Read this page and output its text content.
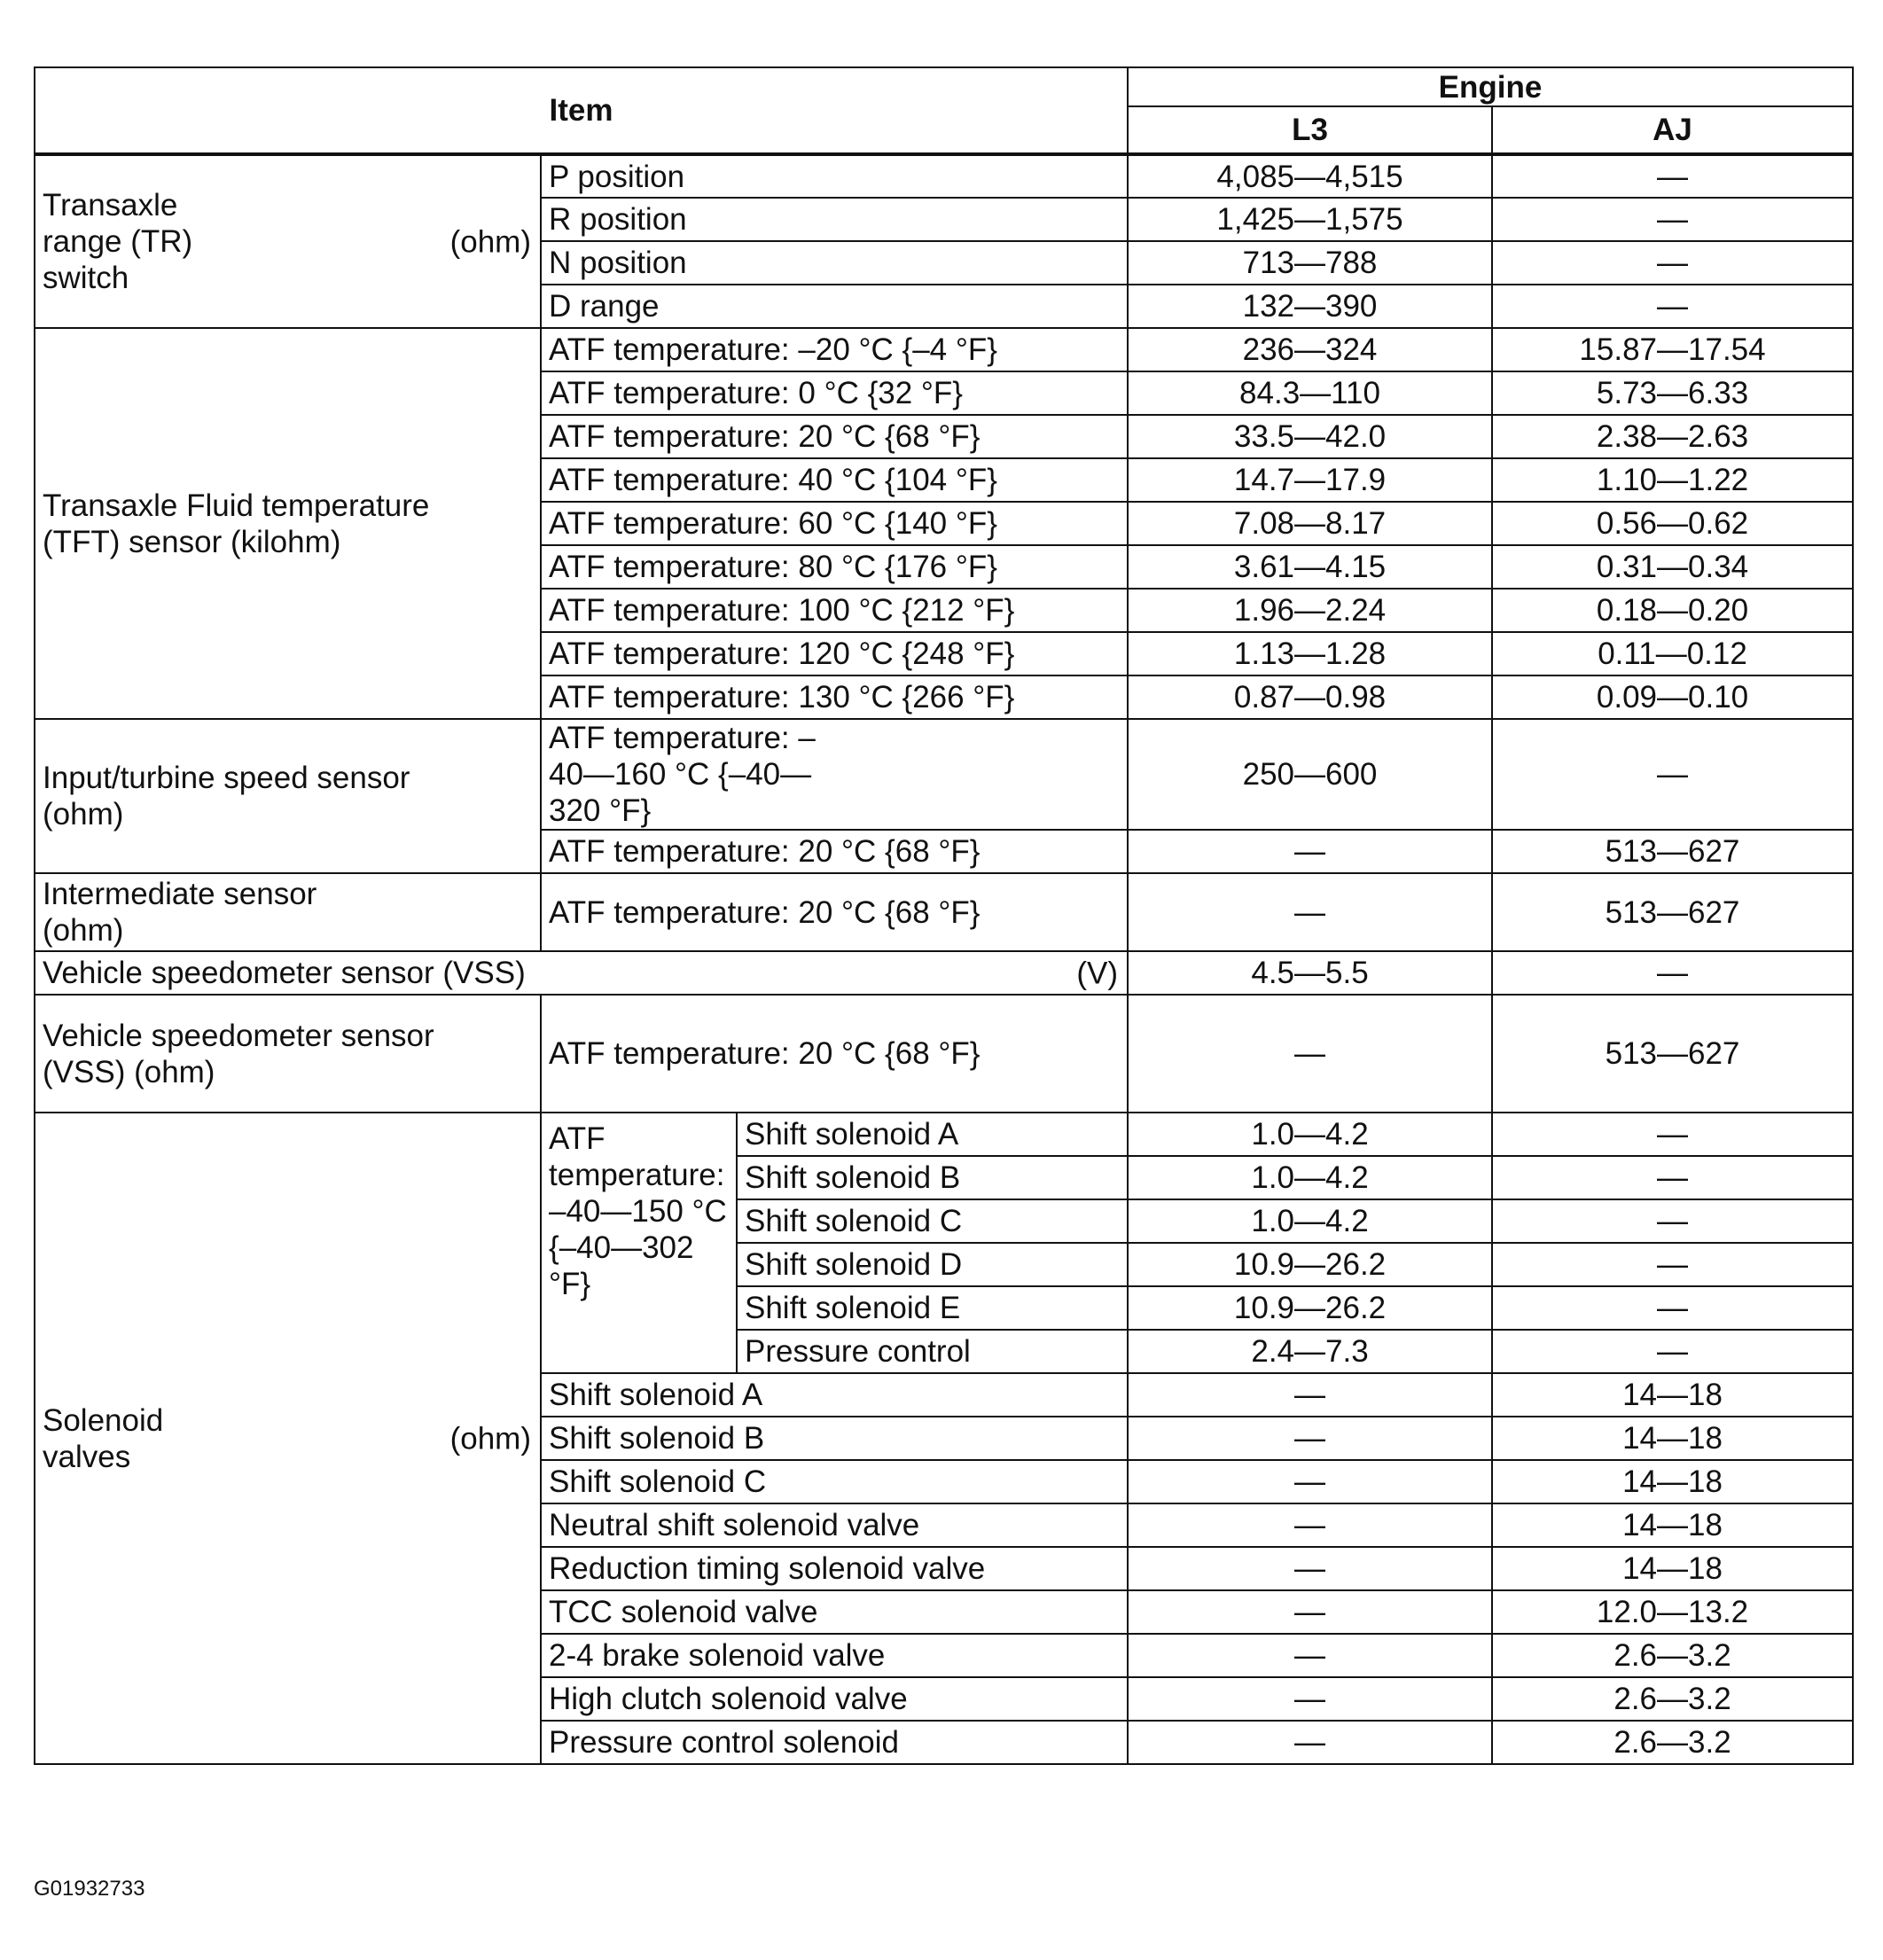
Item			Engine	
			L3	AJ

Transaxle range (TR) switch
(ohm)	P position		4,085—4,515	—
	R position		1,425—1,575	—
	N position		713—788	—
	D range		132—390	—

Transaxle Fluid temperature (TFT) sensor (kilohm)	ATF temperature: –20 °C {–4 °F}		236—324	15.87—17.54
	ATF temperature: 0 °C {32 °F}		84.3—110	5.73—6.33
	ATF temperature: 20 °C {68 °F}		33.5—42.0	2.38—2.63
	ATF temperature: 40 °C {104 °F}		14.7—17.9	1.10—1.22
	ATF temperature: 60 °C {140 °F}		7.08—8.17	0.56—0.62
	ATF temperature: 80 °C {176 °F}		3.61—4.15	0.31—0.34
	ATF temperature: 100 °C {212 °F}		1.96—2.24	0.18—0.20
	ATF temperature: 120 °C {248 °F}		1.13—1.28	0.11—0.12
	ATF temperature: 130 °C {266 °F}		0.87—0.98	0.09—0.10

Input/turbine speed sensor (ohm)	ATF temperature: –40—160 °C {–40—320 °F}		250—600	—
	ATF temperature: 20 °C {68 °F}		—	513—627

Intermediate sensor (ohm)	ATF temperature: 20 °C {68 °F}		—	513—627
Vehicle speedometer sensor (VSS) (V)			4.5—5.5	—

Vehicle speedometer sensor (VSS) (ohm)	ATF temperature: 20 °C {68 °F}		—	513—627

Solenoid valves
(ohm)	ATF temperature: –40—150 °C {–40—302 °F}	Shift solenoid A	1.0—4.2	—
		Shift solenoid B	1.0—4.2	—
		Shift solenoid C	1.0—4.2	—
		Shift solenoid D	10.9—26.2	—
		Shift solenoid E	10.9—26.2	—
		Pressure control	2.4—7.3	—
	Shift solenoid A		—	14—18
	Shift solenoid B		—	14—18
	Shift solenoid C		—	14—18
	Neutral shift solenoid valve		—	14—18
	Reduction timing solenoid valve		—	14—18
	TCC solenoid valve		—	12.0—13.2
	2-4 brake solenoid valve		—	2.6—3.2
	High clutch solenoid valve		—	2.6—3.2
	Pressure control solenoid		—	2.6—3.2
G01932733
